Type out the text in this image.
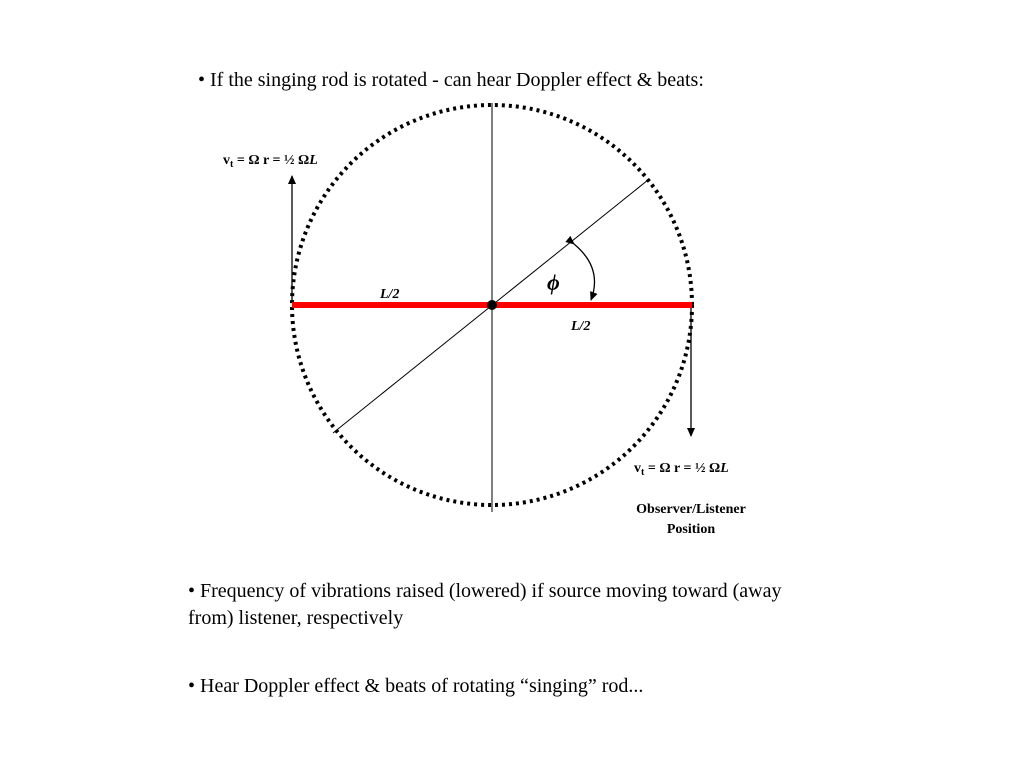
• If the singing rod is rotated - can hear Doppler effect & beats:
ϕ
L/2
L/2
$v_t = \Omega$ r = ½ ΩL
$v_t = \Omega$ r = ½ ΩL
Observer/Listener
Position
• Frequency of vibrations raised (lowered) if source moving toward (away from) listener, respectively
• Hear Doppler effect & beats of rotating “singing” rod...
